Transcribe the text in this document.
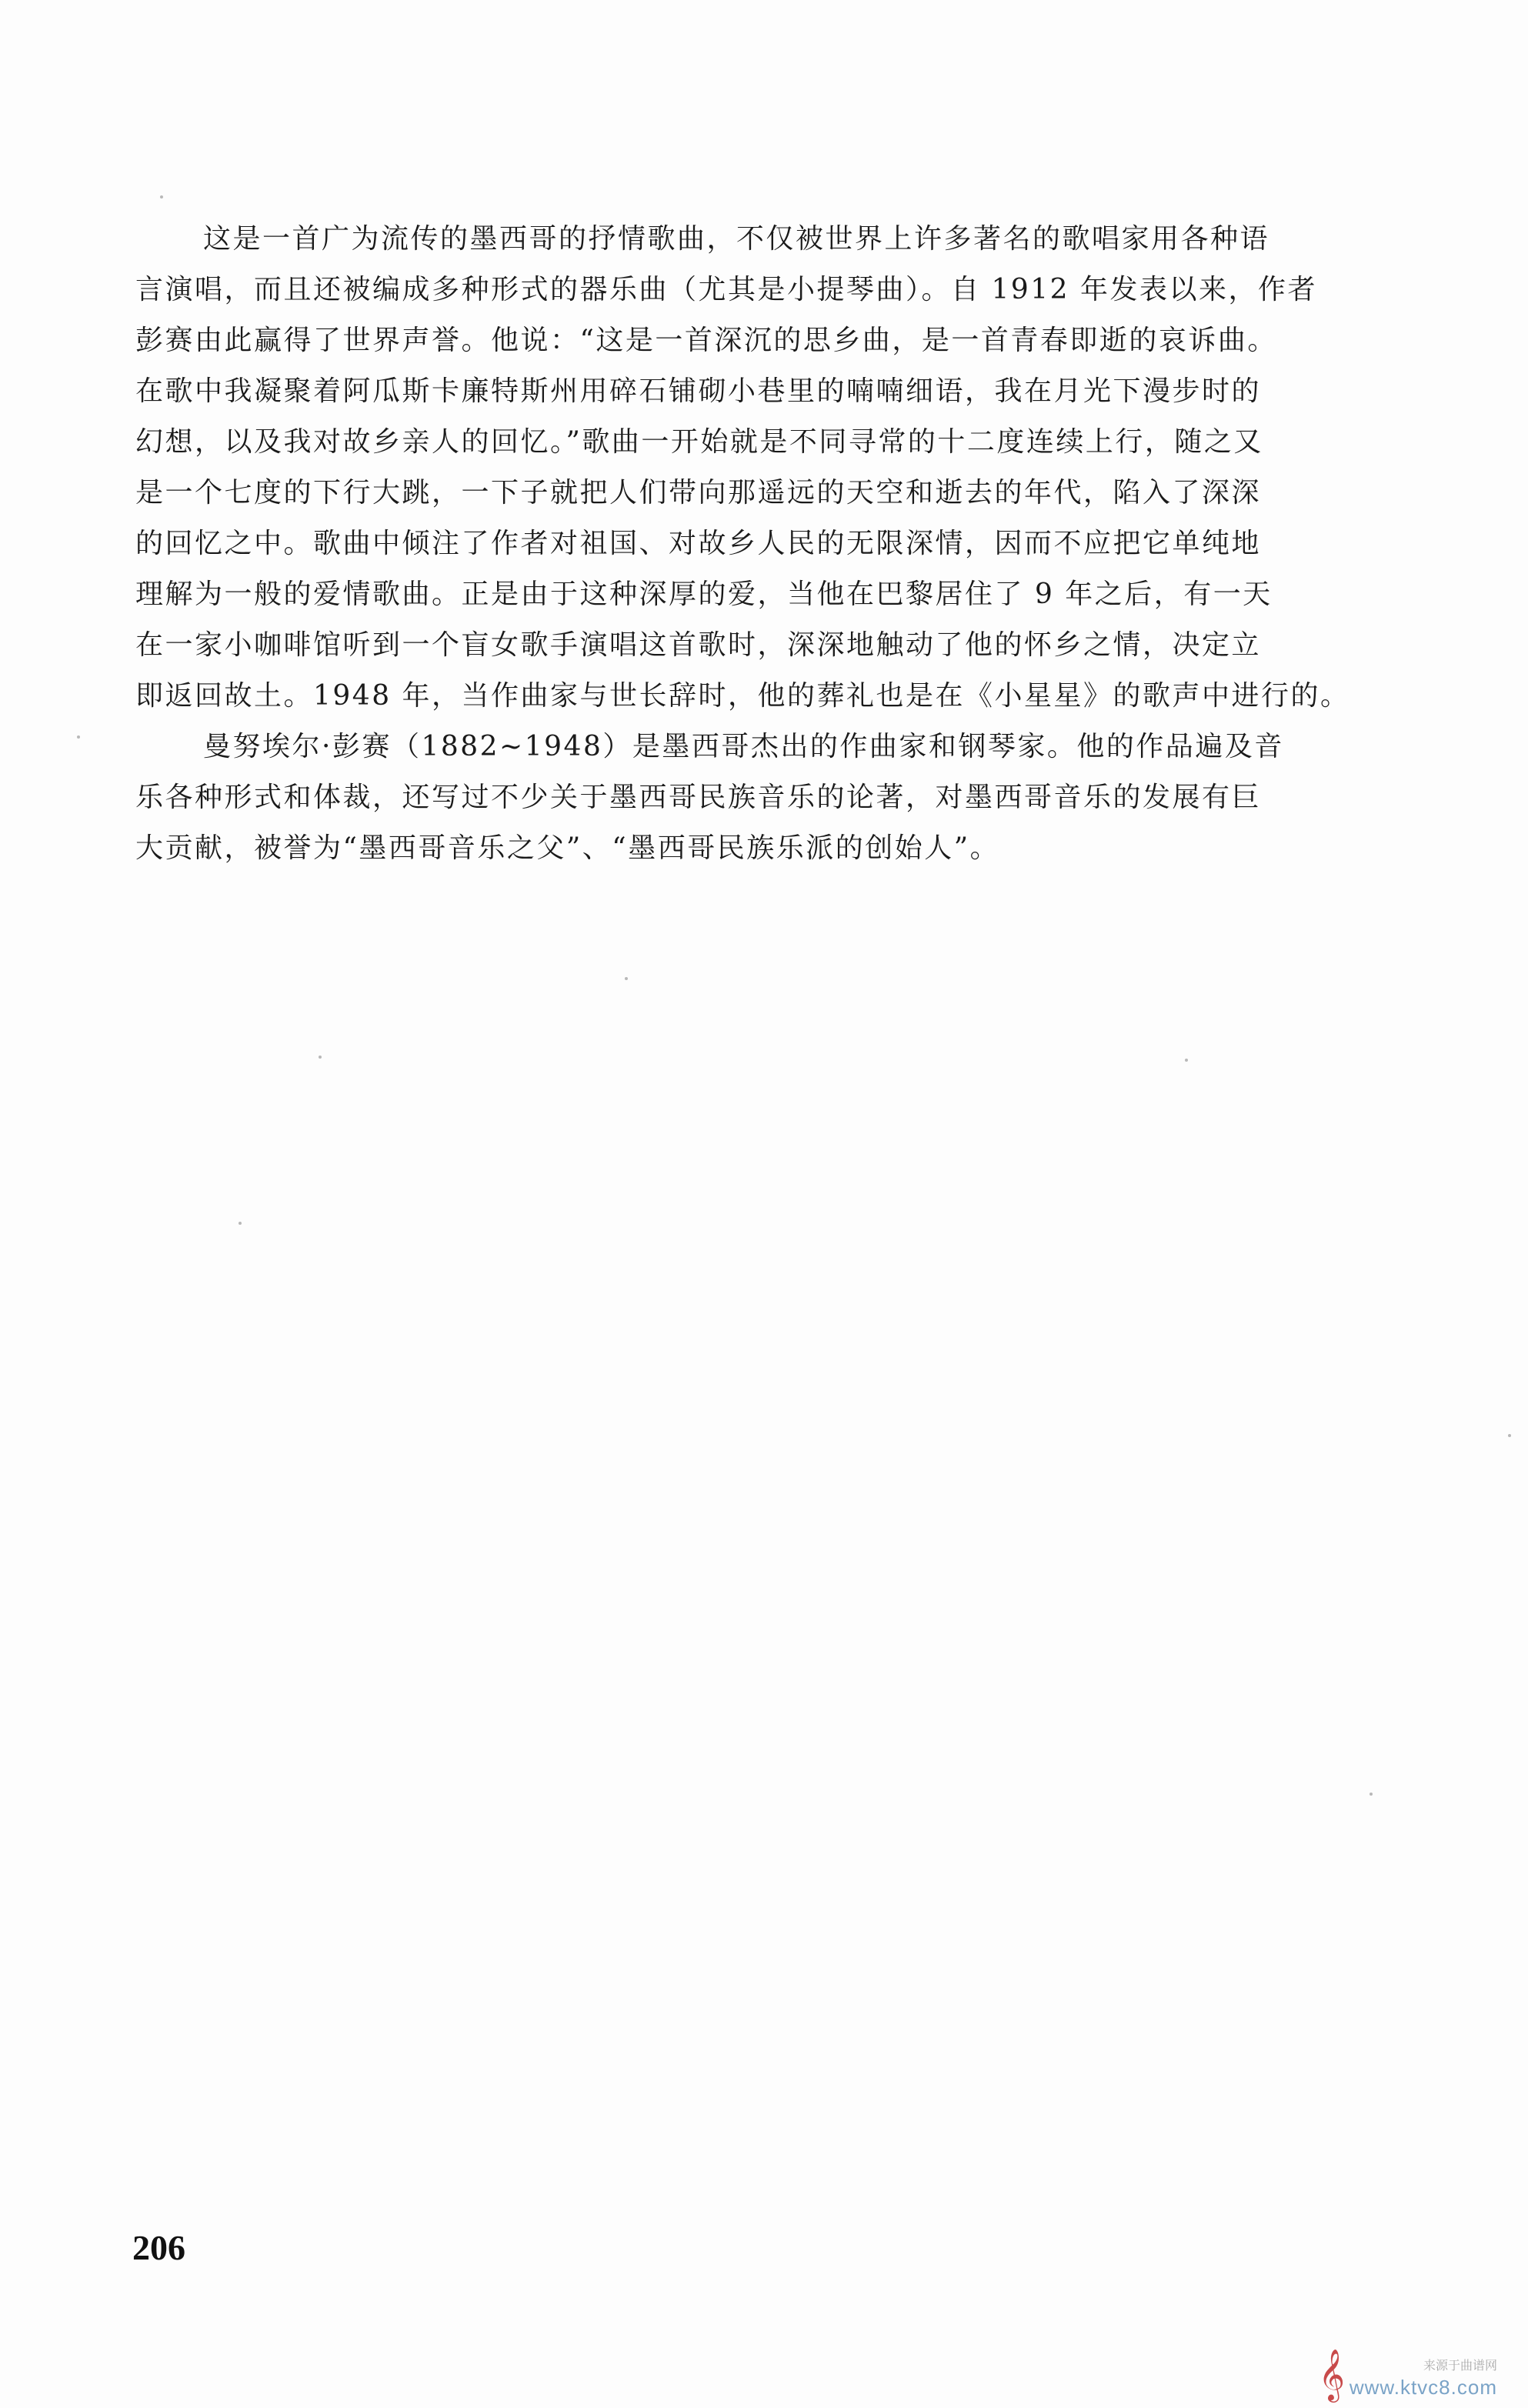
这是一首广为流传的墨西哥的抒情歌曲，不仅被世界上许多著名的歌唱家用各种语
言演唱，而且还被编成多种形式的器乐曲（尤其是小提琴曲）。自 1912 年发表以来，作者
彭赛由此赢得了世界声誉。他说：“这是一首深沉的思乡曲，是一首青春即逝的哀诉曲。
在歌中我凝聚着阿瓜斯卡廉特斯州用碎石铺砌小巷里的喃喃细语，我在月光下漫步时的
幻想，以及我对故乡亲人的回忆。”歌曲一开始就是不同寻常的十二度连续上行，随之又
是一个七度的下行大跳，一下子就把人们带向那遥远的天空和逝去的年代，陷入了深深
的回忆之中。歌曲中倾注了作者对祖国、对故乡人民的无限深情，因而不应把它单纯地
理解为一般的爱情歌曲。正是由于这种深厚的爱，当他在巴黎居住了 9 年之后，有一天
在一家小咖啡馆听到一个盲女歌手演唱这首歌时，深深地触动了他的怀乡之情，决定立
即返回故土。1948 年，当作曲家与世长辞时，他的葬礼也是在《小星星》的歌声中进行的。
曼努埃尔·彭赛（1882~1948）是墨西哥杰出的作曲家和钢琴家。他的作品遍及音
乐各种形式和体裁，还写过不少关于墨西哥民族音乐的论著，对墨西哥音乐的发展有巨
大贡献，被誉为“墨西哥音乐之父”、“墨西哥民族乐派的创始人”。
206
𝄞	来源于曲谱网
www.ktvc8.com
